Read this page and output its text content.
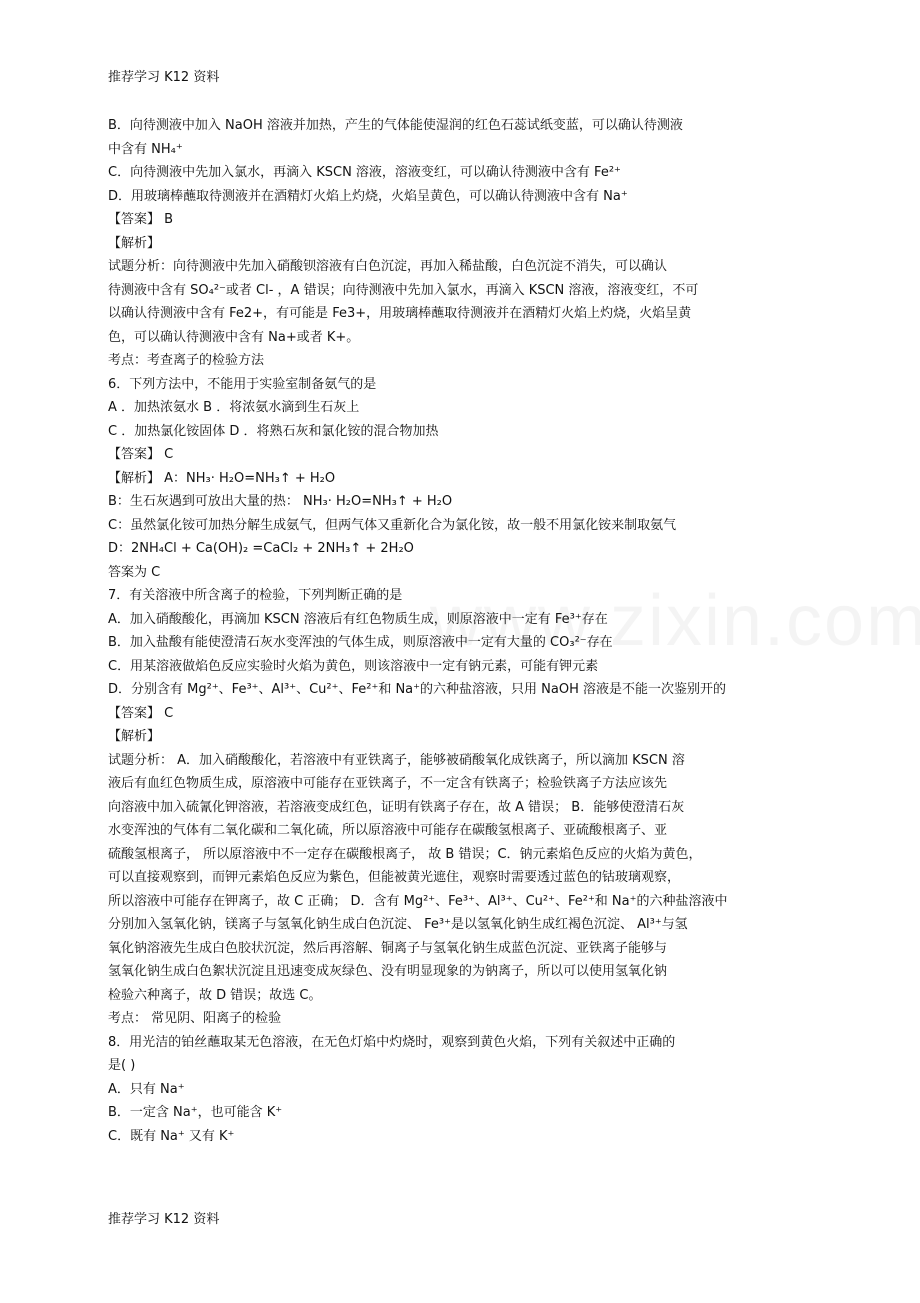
推荐学习 K12 资料
B．向待测液中加入 NaOH 溶液并加热，产生的气体能使湿润的红色石蕊试纸变蓝，可以确认待测液
中含有 NH₄⁺
C．向待测液中先加入氯水，再滴入 KSCN 溶液，溶液变红，可以确认待测液中含有 Fe²⁺
D．用玻璃棒蘸取待测液并在酒精灯火焰上灼烧，火焰呈黄色，可以确认待测液中含有 Na⁺
【答案】 B
【解析】
试题分析：向待测液中先加入硝酸钡溶液有白色沉淀，再加入稀盐酸，白色沉淀不消失，可以确认
待测液中含有 SO₄²⁻或者 Cl- ，A 错误；向待测液中先加入氯水，再滴入 KSCN 溶液，溶液变红，不可
以确认待测液中含有 Fe2+，有可能是 Fe3+，用玻璃棒蘸取待测液并在酒精灯火焰上灼烧，火焰呈黄
色，可以确认待测液中含有 Na+或者 K+。
考点：考查离子的检验方法
6．下列方法中，不能用于实验室制备氨气的是
A ．加热浓氨水 B ．将浓氨水滴到生石灰上
C ．加热氯化铵固体 D ．将熟石灰和氯化铵的混合物加热
【答案】 C
【解析】 A：NH₃· H₂O=NH₃↑ + H₂O
B：生石灰遇到可放出大量的热： NH₃· H₂O=NH₃↑ + H₂O
C：虽然氯化铵可加热分解生成氨气，但两气体又重新化合为氯化铵，故一般不用氯化铵来制取氨气
D：2NH₄Cl + Ca(OH)₂ =CaCl₂ + 2NH₃↑ + 2H₂O
答案为 C
7．有关溶液中所含离子的检验，下列判断正确的是
A．加入硝酸酸化，再滴加 KSCN 溶液后有红色物质生成，则原溶液中一定有 Fe³⁺存在
B．加入盐酸有能使澄清石灰水变浑浊的气体生成，则原溶液中一定有大量的 CO₃²⁻存在
C．用某溶液做焰色反应实验时火焰为黄色，则该溶液中一定有钠元素，可能有钾元素
D．分别含有 Mg²⁺、Fe³⁺、Al³⁺、Cu²⁺、Fe²⁺和 Na⁺的六种盐溶液，只用 NaOH 溶液是不能一次鉴别开的
【答案】 C
【解析】
试题分析： A．加入硝酸酸化，若溶液中有亚铁离子，能够被硝酸氧化成铁离子，所以滴加 KSCN 溶
液后有血红色物质生成，原溶液中可能存在亚铁离子，不一定含有铁离子；检验铁离子方法应该先
向溶液中加入硫氰化钾溶液，若溶液变成红色，证明有铁离子存在，故 A 错误； B．能够使澄清石灰
水变浑浊的气体有二氧化碳和二氧化硫，所以原溶液中可能存在碳酸氢根离子、亚硫酸根离子、亚
硫酸氢根离子， 所以原溶液中不一定存在碳酸根离子， 故 B 错误；C．钠元素焰色反应的火焰为黄色，
可以直接观察到，而钾元素焰色反应为紫色，但能被黄光遮住，观察时需要透过蓝色的钴玻璃观察，
所以溶液中可能存在钾离子，故 C 正确； D．含有 Mg²⁺、Fe³⁺、Al³⁺、Cu²⁺、Fe²⁺和 Na⁺的六种盐溶液中
分别加入氢氧化钠，镁离子与氢氧化钠生成白色沉淀、 Fe³⁺是以氢氧化钠生成红褐色沉淀、 Al³⁺与氢
氧化钠溶液先生成白色胶状沉淀，然后再溶解、铜离子与氢氧化钠生成蓝色沉淀、亚铁离子能够与
氢氧化钠生成白色絮状沉淀且迅速变成灰绿色、没有明显现象的为钠离子，所以可以使用氢氧化钠
检验六种离子，故 D 错误；故选 C。
考点： 常见阴、阳离子的检验
8．用光洁的铂丝蘸取某无色溶液，在无色灯焰中灼烧时，观察到黄色火焰，下列有关叙述中正确的
是( )
A．只有 Na⁺
B．一定含 Na⁺，也可能含 K⁺
C．既有 Na⁺ 又有 K⁺
推荐学习 K12 资料
